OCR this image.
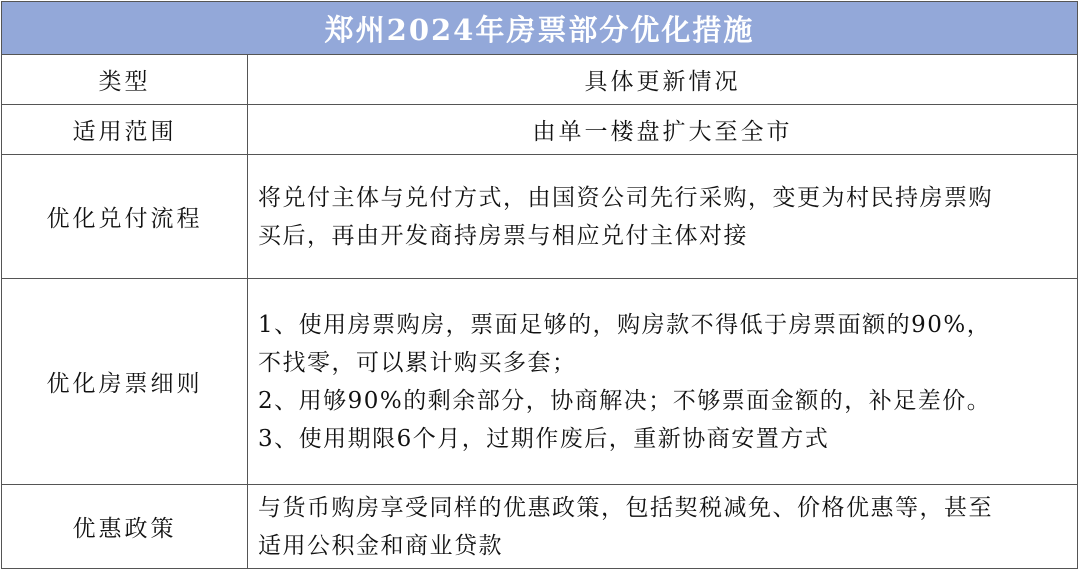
郑州2024年房票部分优化措施	
类型	具体更新情况
适用范围	由单一楼盘扩大至全市

优化兑付流程	将兑付主体与兑付方式，由国资公司先行采购，变更为村民持房票购
买后，再由开发商持房票与相应兑付主体对接

优化房票细则	1、使用房票购房，票面足够的，购房款不得低于房票面额的90%，
不找零，可以累计购买多套；
2、用够90%的剩余部分，协商解决；不够票面金额的，补足差价。
3、使用期限6个月，过期作废后，重新协商安置方式

优惠政策	与货币购房享受同样的优惠政策，包括契税减免、价格优惠等，甚至
适用公积金和商业贷款
